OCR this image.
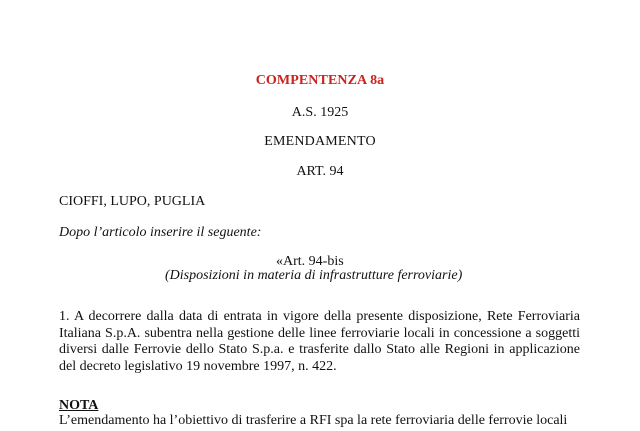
COMPENTENZA 8a
A.S. 1925
EMENDAMENTO
ART. 94
CIOFFI, LUPO, PUGLIA
Dopo l’articolo inserire il seguente:
«Art. 94-bis
(Disposizioni in materia di infrastrutture ferroviarie)
1. A decorrere dalla data di entrata in vigore della presente disposizione, Rete Ferroviaria
Italiana S.p.A. subentra nella gestione delle linee ferroviarie locali in concessione a soggetti
diversi dalle Ferrovie dello Stato S.p.a. e trasferite dallo Stato alle Regioni in applicazione
del decreto legislativo 19 novembre 1997, n. 422.
NOTA
L’emendamento ha l’obiettivo di trasferire a RFI spa la rete ferroviaria delle ferrovie locali
